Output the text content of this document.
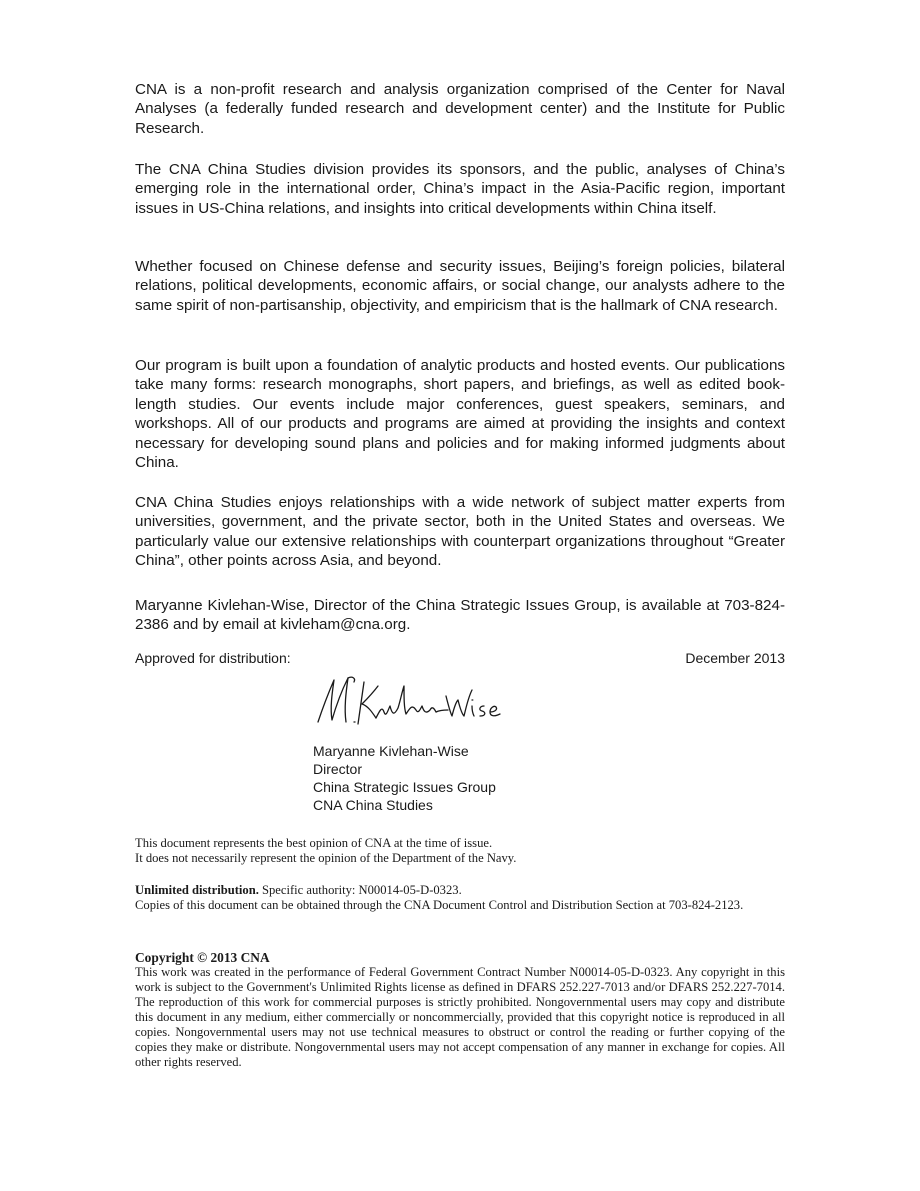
CNA is a non-profit research and analysis organization comprised of the Center for Naval Analyses (a federally funded research and development center) and the Institute for Public Research.

The CNA China Studies division provides its sponsors, and the public, analyses of China’s emerging role in the international order, China’s impact in the Asia-Pacific region, important issues in US-China relations, and insights into critical developments within China itself.

Whether focused on Chinese defense and security issues, Beijing’s foreign policies, bilateral relations, political developments, economic affairs, or social change, our analysts adhere to the same spirit of non-partisanship, objectivity, and empiricism that is the hallmark of CNA research.

Our program is built upon a foundation of analytic products and hosted events. Our publications take many forms: research monographs, short papers, and briefings, as well as edited book-length studies. Our events include major conferences, guest speakers, seminars, and workshops. All of our products and programs are aimed at providing the insights and context necessary for developing sound plans and policies and for making informed judgments about China.

CNA China Studies enjoys relationships with a wide network of subject matter experts from universities, government, and the private sector, both in the United States and overseas. We particularly value our extensive relationships with counterpart organizations throughout “Greater China”, other points across Asia, and beyond.

Maryanne Kivlehan-Wise, Director of the China Strategic Issues Group, is available at 703-824-2386 and by email at kivleham@cna.org.

Approved for distribution:	December 2013
Maryanne Kivlehan-Wise
Director
China Strategic Issues Group
CNA China Studies

This document represents the best opinion of CNA at the time of issue.
It does not necessarily represent the opinion of the Department of the Navy.

Unlimited distribution. Specific authority: N00014-05-D-0323.
Copies of this document can be obtained through the CNA Document Control and Distribution Section at 703-824-2123.

Copyright © 2013 CNA
This work was created in the performance of Federal Government Contract Number N00014-05-D-0323. Any copyright in this work is subject to the Government's Unlimited Rights license as defined in DFARS 252.227-7013 and/or DFARS 252.227-7014. The reproduction of this work for commercial purposes is strictly prohibited. Nongovernmental users may copy and distribute this document in any medium, either commercially or noncommercially, provided that this copyright notice is reproduced in all copies. Nongovernmental users may not use technical measures to obstruct or control the reading or further copying of the copies they make or distribute. Nongovernmental users may not accept compensation of any manner in exchange for copies. All other rights reserved.
